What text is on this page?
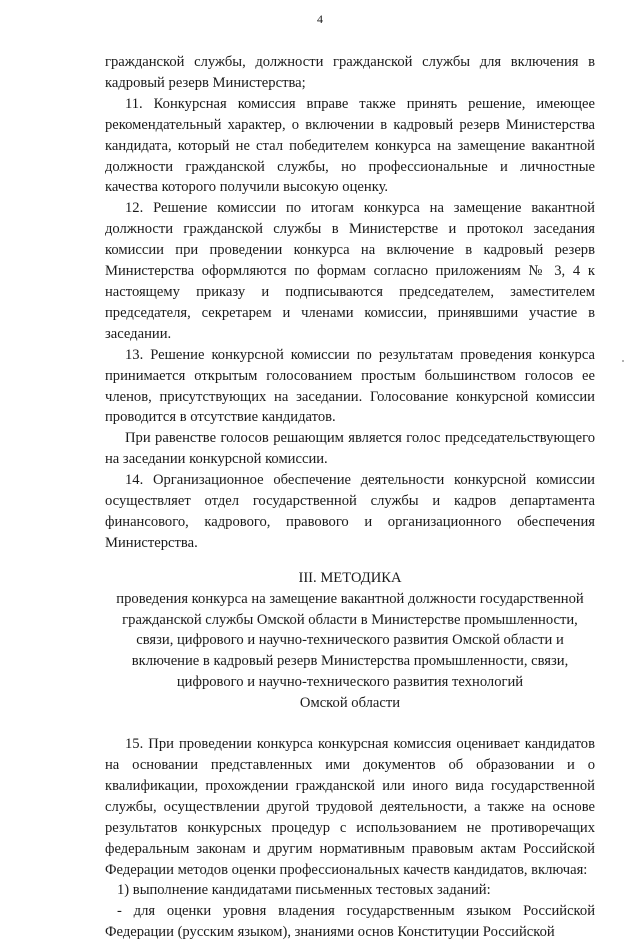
4

гражданской службы, должности гражданской службы для включения в кадровый резерв Министерства;

11. Конкурсная комиссия вправе также принять решение, имеющее рекомендательный характер, о включении в кадровый резерв Министерства кандидата, который не стал победителем конкурса на замещение вакантной должности гражданской службы, но профессиональные и личностные качества которого получили высокую оценку.

12. Решение комиссии по итогам конкурса на замещение вакантной должности гражданской службы в Министерстве и протокол заседания комиссии при проведении конкурса на включение в кадровый резерв Министерства оформляются по формам согласно приложениям № 3, 4 к настоящему приказу и подписываются председателем, заместителем председателя, секретарем и членами комиссии, принявшими участие в заседании.

13. Решение конкурсной комиссии по результатам проведения конкурса принимается открытым голосованием простым большинством голосов ее членов, присутствующих на заседании. Голосование конкурсной комиссии проводится в отсутствие кандидатов.

При равенстве голосов решающим является голос председательствующего на заседании конкурсной комиссии.

14. Организационное обеспечение деятельности конкурсной комиссии осуществляет отдел государственной службы и кадров департамента финансового, кадрового, правового и организационного обеспечения Министерства.

III. МЕТОДИКА
проведения конкурса на замещение вакантной должности государственной
гражданской службы Омской области в Министерстве промышленности,
связи, цифрового и научно-технического развития Омской области и
включение в кадровый резерв Министерства промышленности, связи,
цифрового и научно-технического развития технологий
Омской области

15. При проведении конкурса конкурсная комиссия оценивает кандидатов на основании представленных ими документов об образовании и о квалификации, прохождении гражданской или иного вида государственной службы, осуществлении другой трудовой деятельности, а также на основе результатов конкурсных процедур с использованием не противоречащих федеральным законам и другим нормативным правовым актам Российской Федерации методов оценки профессиональных качеств кандидатов, включая:

1) выполнение кандидатами письменных тестовых заданий:

- для оценки уровня владения государственным языком Российской Федерации (русским языком), знаниями основ Конституции Российской
